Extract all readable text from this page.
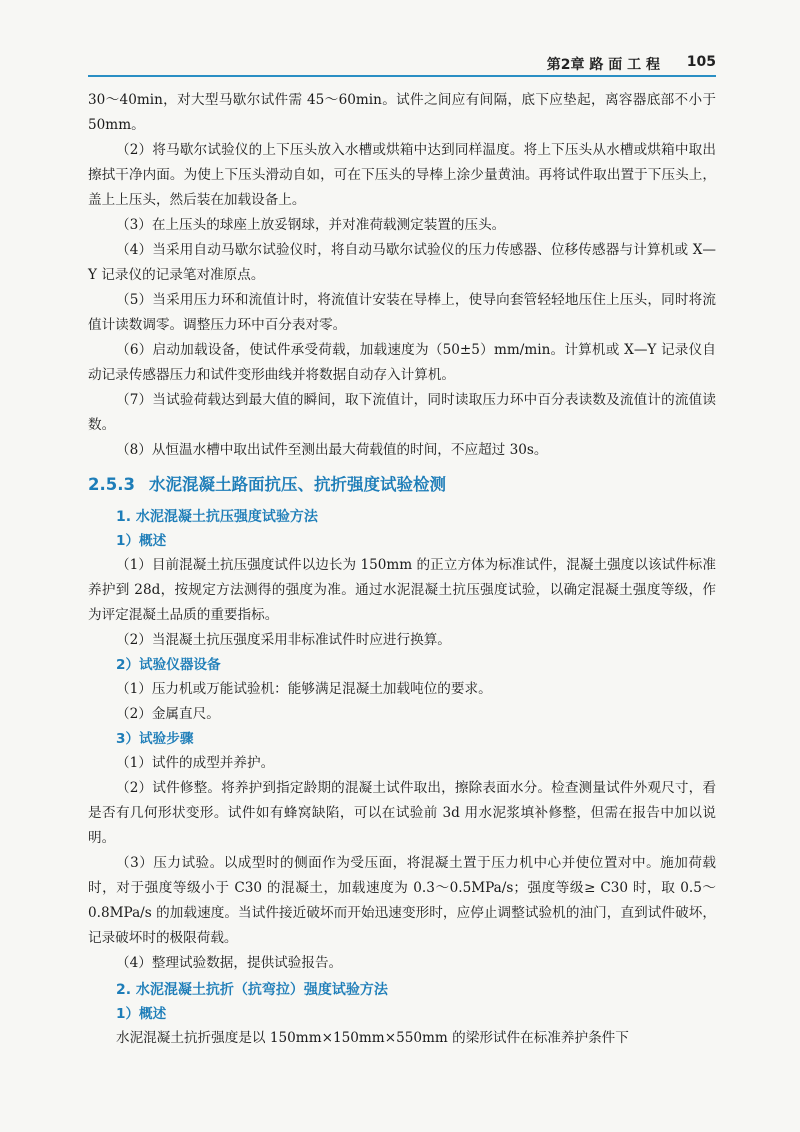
第2章 路 面 工 程 105

30～40min，对大型马歇尔试件需 45～60min。试件之间应有间隔，底下应垫起，离容器底部不小于 50mm。

（2）将马歇尔试验仪的上下压头放入水槽或烘箱中达到同样温度。将上下压头从水槽或烘箱中取出擦拭干净内面。为使上下压头滑动自如，可在下压头的导棒上涂少量黄油。再将试件取出置于下压头上，盖上上压头，然后装在加载设备上。

（3）在上压头的球座上放妥钢球，并对准荷载测定装置的压头。

（4）当采用自动马歇尔试验仪时，将自动马歇尔试验仪的压力传感器、位移传感器与计算机或 X—Y 记录仪的记录笔对准原点。

（5）当采用压力环和流值计时，将流值计安装在导棒上，使导向套管轻轻地压住上压头，同时将流值计读数调零。调整压力环中百分表对零。

（6）启动加载设备，使试件承受荷载，加载速度为（50±5）mm/min。计算机或 X—Y 记录仪自动记录传感器压力和试件变形曲线并将数据自动存入计算机。

（7）当试验荷载达到最大值的瞬间，取下流值计，同时读取压力环中百分表读数及流值计的流值读数。

（8）从恒温水槽中取出试件至测出最大荷载值的时间，不应超过 30s。

2.5.3 水泥混凝土路面抗压、抗折强度试验检测
1. 水泥混凝土抗压强度试验方法
1）概述

（1）目前混凝土抗压强度试件以边长为 150mm 的正立方体为标准试件，混凝土强度以该试件标准养护到 28d，按规定方法测得的强度为准。通过水泥混凝土抗压强度试验，以确定混凝土强度等级，作为评定混凝土品质的重要指标。

（2）当混凝土抗压强度采用非标准试件时应进行换算。

2）试验仪器设备

（1）压力机或万能试验机：能够满足混凝土加载吨位的要求。

（2）金属直尺。

3）试验步骤

（1）试件的成型并养护。

（2）试件修整。将养护到指定龄期的混凝土试件取出，擦除表面水分。检查测量试件外观尺寸，看是否有几何形状变形。试件如有蜂窝缺陷，可以在试验前 3d 用水泥浆填补修整，但需在报告中加以说明。

（3）压力试验。以成型时的侧面作为受压面，将混凝土置于压力机中心并使位置对中。施加荷载时，对于强度等级小于 C30 的混凝土，加载速度为 0.3～0.5MPa/s；强度等级≥ C30 时，取 0.5～0.8MPa/s 的加载速度。当试件接近破坏而开始迅速变形时，应停止调整试验机的油门，直到试件破坏，记录破坏时的极限荷载。

（4）整理试验数据，提供试验报告。

2. 水泥混凝土抗折（抗弯拉）强度试验方法
1）概述

水泥混凝土抗折强度是以 150mm×150mm×550mm 的梁形试件在标准养护条件下
